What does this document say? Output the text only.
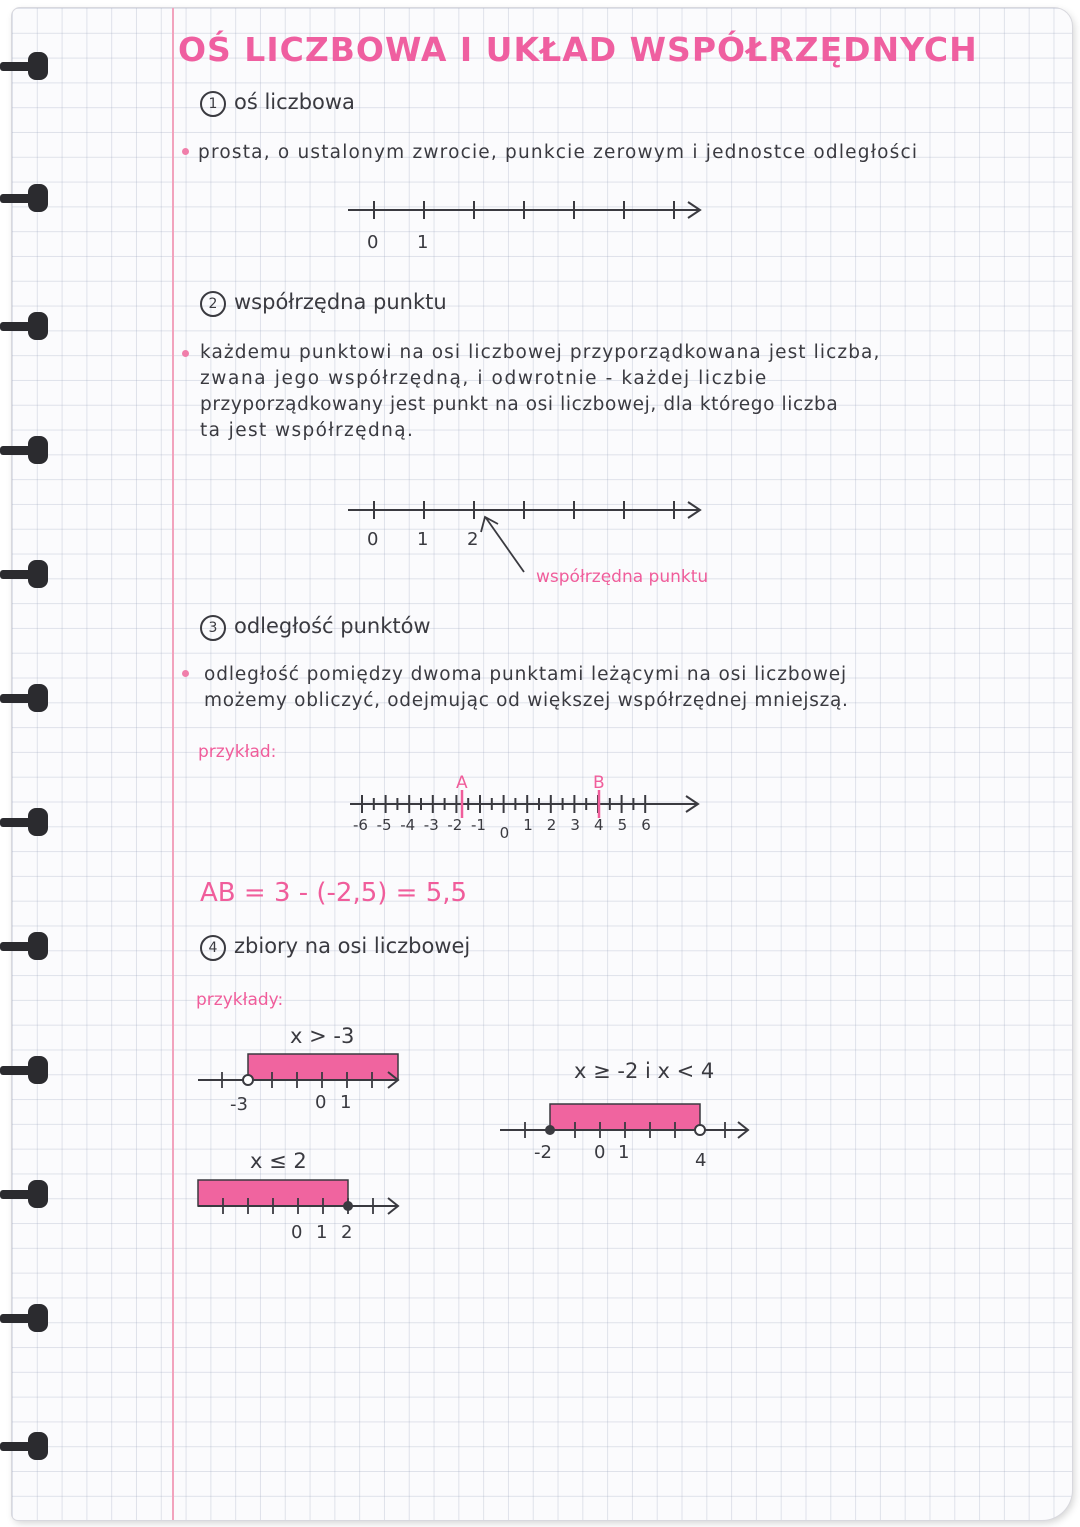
OŚ LICZBOWA I UKŁAD WSPÓŁRZĘDNYCH
1 oś liczbowa
prosta, o ustalonym zwrocie, punkcie zerowym i jednostce odległości
0 1
2 współrzędna punktu
każdemu punktowi na osi liczbowej przyporządkowana jest liczba,
zwana jego współrzędną, i odwrotnie - każdej liczbie
przyporządkowany jest punkt na osi liczbowej, dla którego liczba
ta jest współrzędną.
0 1 2
współrzędna punktu
3 odległość punktów
odległość pomiędzy dwoma punktami leżącymi na osi liczbowej
możemy obliczyć, odejmując od większej współrzędnej mniejszą.
przykład:
-6 -5 -4 -3 -2 -1 0 1 2 3 4 5 6
A	B
AB = 3 - (-2,5) = 5,5
4 zbiory na osi liczbowej
przykłady:
x > -3
-3	0 1
x ≤ 2
0 1 2
x ≥ -2 i x < 4
-2 0 1	4
